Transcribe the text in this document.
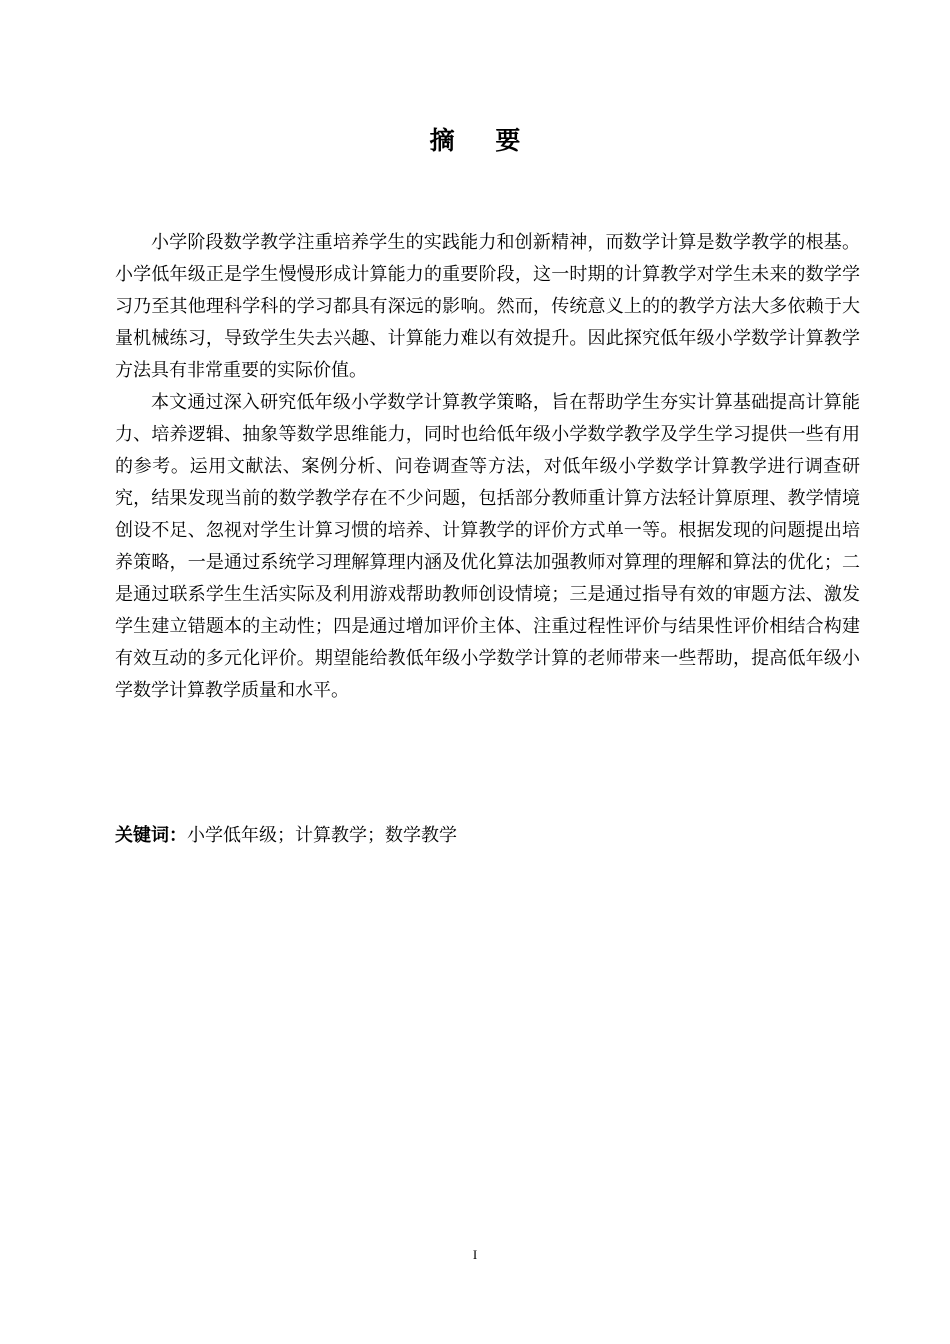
摘 要

小学阶段数学教学注重培养学生的实践能力和创新精神，而数学计算是数学教学的根基。小学低年级正是学生慢慢形成计算能力的重要阶段，这一时期的计算教学对学生未来的数学学习乃至其他理科学科的学习都具有深远的影响。然而，传统意义上的的教学方法大多依赖于大量机械练习，导致学生失去兴趣、计算能力难以有效提升。因此探究低年级小学数学计算教学方法具有非常重要的实际价值。

本文通过深入研究低年级小学数学计算教学策略，旨在帮助学生夯实计算基础提高计算能力、培养逻辑、抽象等数学思维能力，同时也给低年级小学数学教学及学生学习提供一些有用的参考。运用文献法、案例分析、问卷调查等方法，对低年级小学数学计算教学进行调查研究，结果发现当前的数学教学存在不少问题，包括部分教师重计算方法轻计算原理、教学情境创设不足、忽视对学生计算习惯的培养、计算教学的评价方式单一等。根据发现的问题提出培养策略，一是通过系统学习理解算理内涵及优化算法加强教师对算理的理解和算法的优化；二是通过联系学生生活实际及利用游戏帮助教师创设情境；三是通过指导有效的审题方法、激发学生建立错题本的主动性；四是通过增加评价主体、注重过程性评价与结果性评价相结合构建有效互动的多元化评价。期望能给教低年级小学数学计算的老师带来一些帮助，提高低年级小学数学计算教学质量和水平。

关键词：小学低年级；计算教学；数学教学
I
